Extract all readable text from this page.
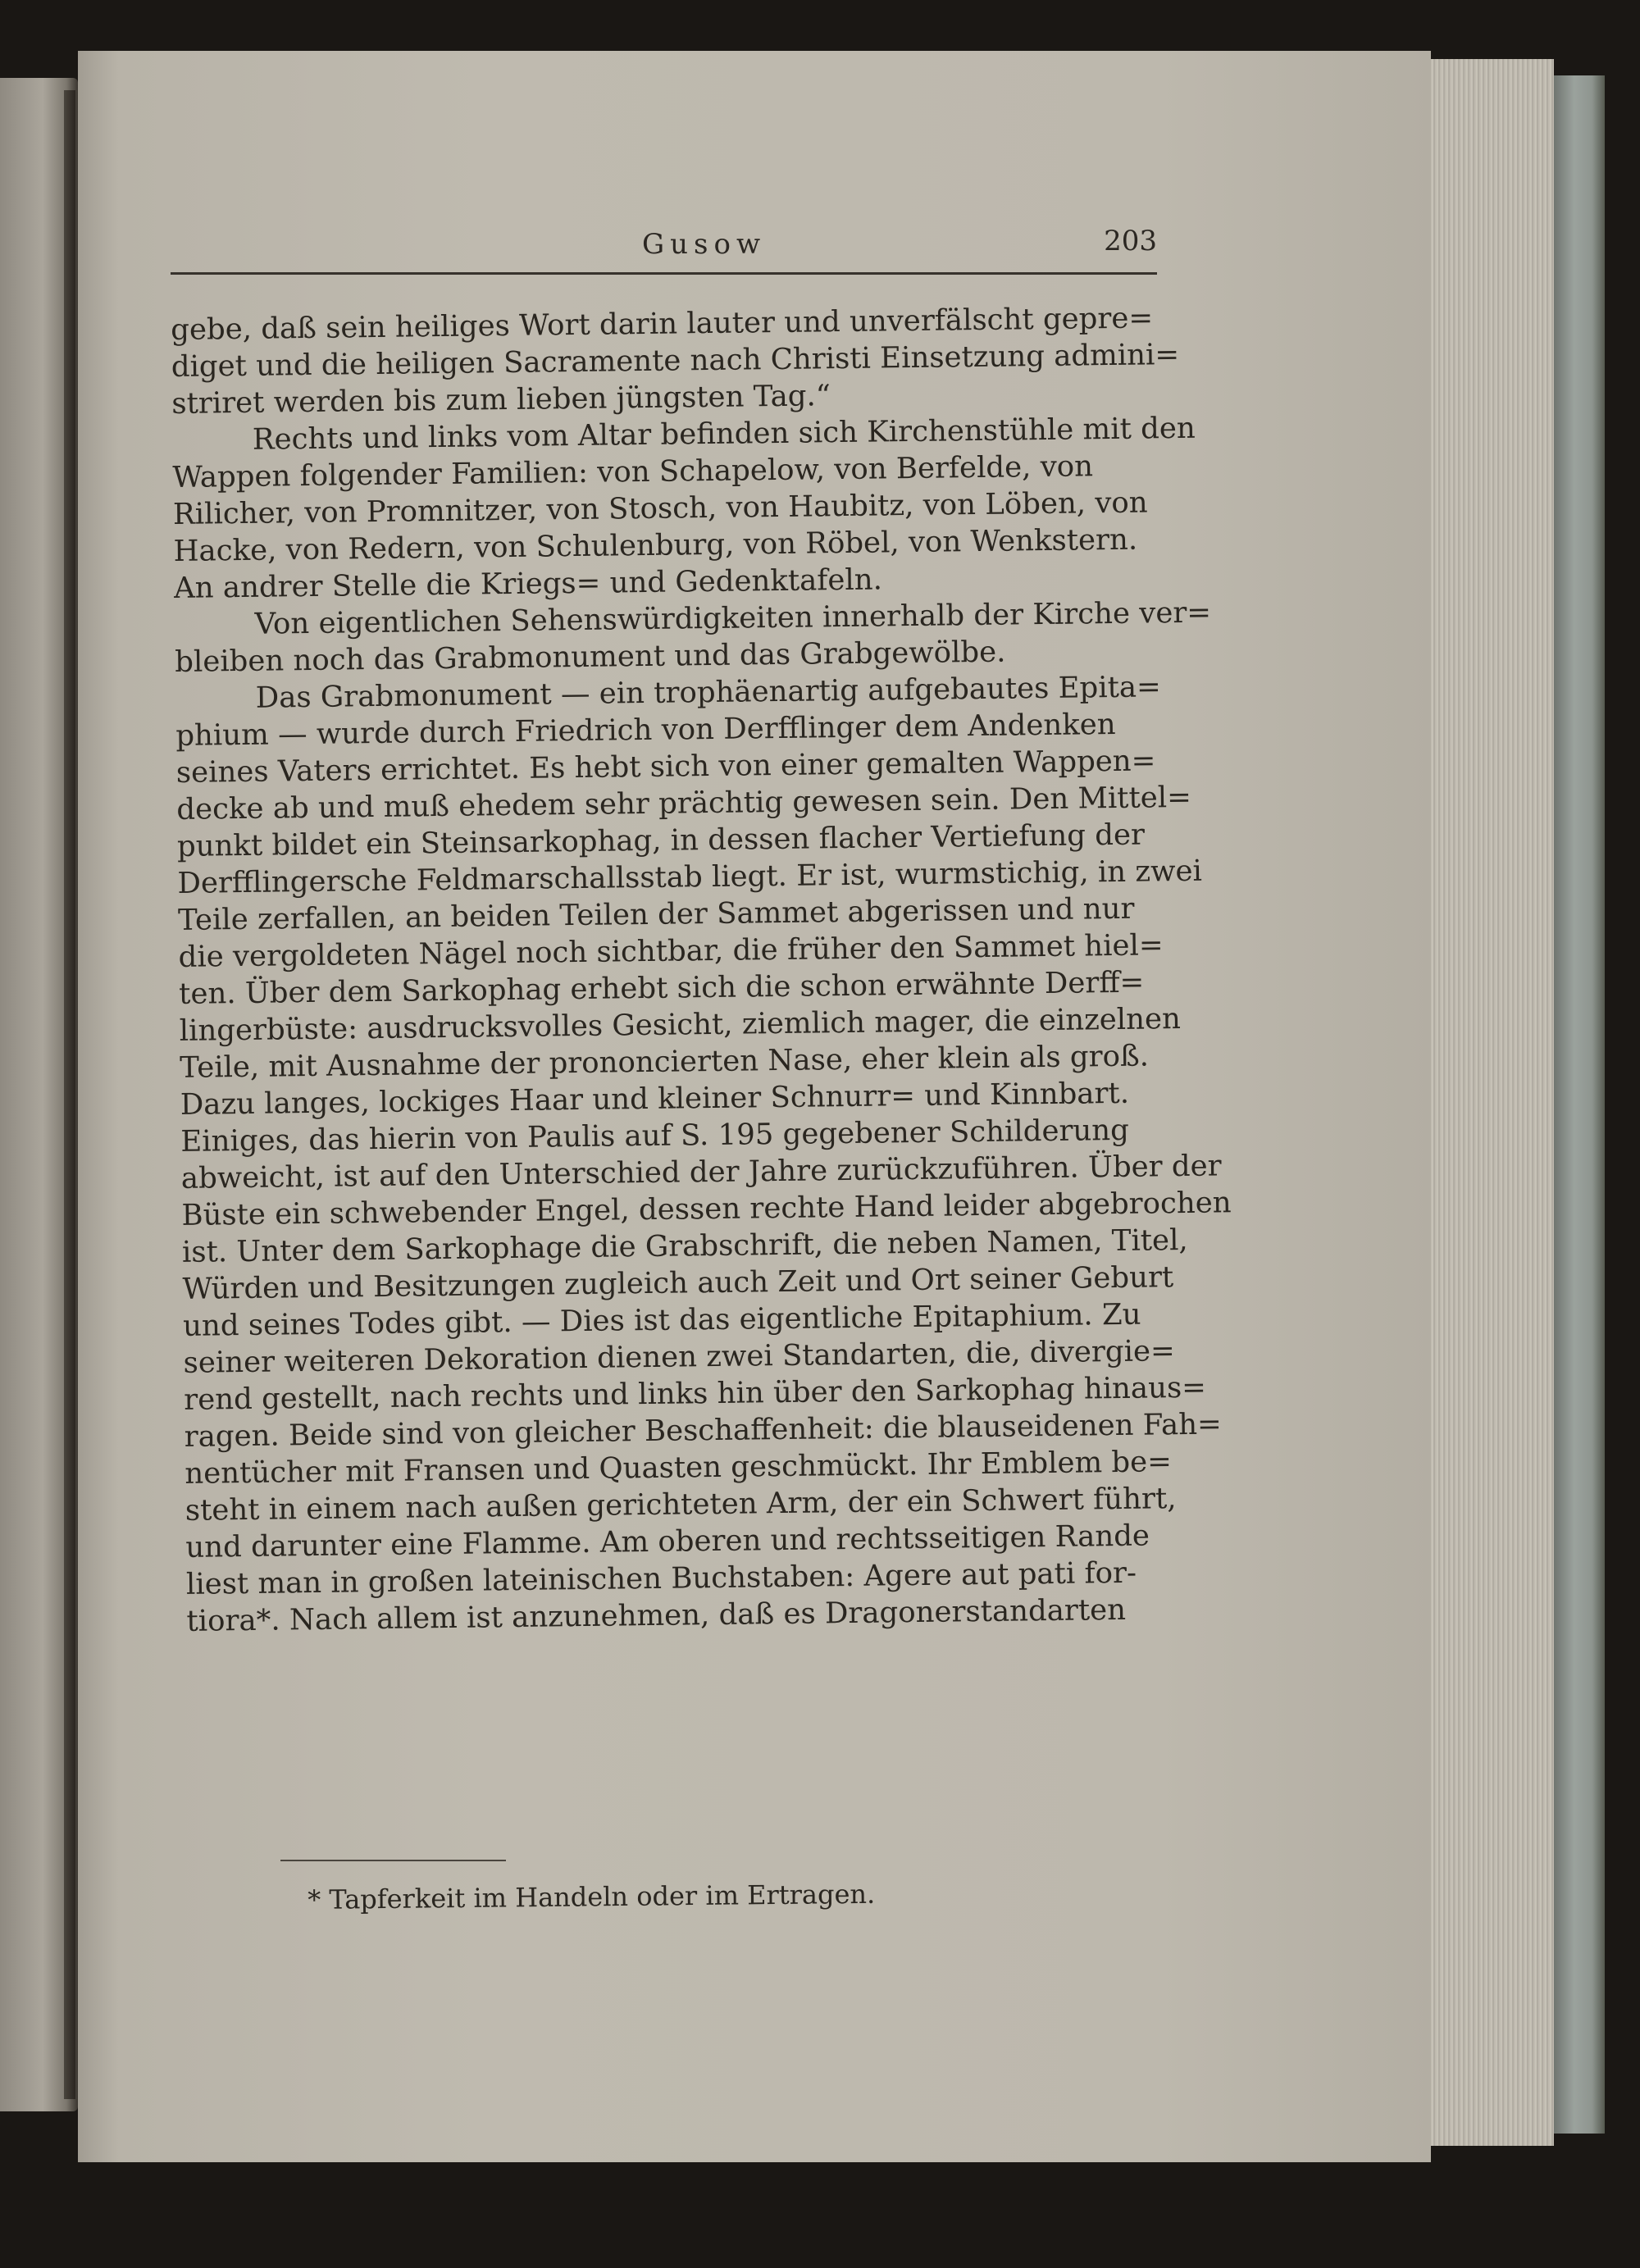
Gusow	203
gebe, daß sein heiliges Wort darin lauter und unverfälscht gepre=
diget und die heiligen Sacramente nach Christi Einsetzung admini=
striret werden bis zum lieben jüngsten Tag.“
Rechts und links vom Altar befinden sich Kirchenstühle mit den
Wappen folgender Familien: von Schapelow, von Berfelde, von
Rilicher, von Promnitzer, von Stosch, von Haubitz, von Löben, von
Hacke, von Redern, von Schulenburg, von Röbel, von Wenkstern.
An andrer Stelle die Kriegs= und Gedenktafeln.
Von eigentlichen Sehenswürdigkeiten innerhalb der Kirche ver=
bleiben noch das Grabmonument und das Grabgewölbe.
Das Grabmonument — ein trophäenartig aufgebautes Epita=
phium — wurde durch Friedrich von Derfflinger dem Andenken
seines Vaters errichtet. Es hebt sich von einer gemalten Wappen=
decke ab und muß ehedem sehr prächtig gewesen sein. Den Mittel=
punkt bildet ein Steinsarkophag, in dessen flacher Vertiefung der
Derfflingersche Feldmarschallsstab liegt. Er ist, wurmstichig, in zwei
Teile zerfallen, an beiden Teilen der Sammet abgerissen und nur
die vergoldeten Nägel noch sichtbar, die früher den Sammet hiel=
ten. Über dem Sarkophag erhebt sich die schon erwähnte Derff=
lingerbüste: ausdrucksvolles Gesicht, ziemlich mager, die einzelnen
Teile, mit Ausnahme der prononcierten Nase, eher klein als groß.
Dazu langes, lockiges Haar und kleiner Schnurr= und Kinnbart.
Einiges, das hierin von Paulis auf S. 195 gegebener Schilderung
abweicht, ist auf den Unterschied der Jahre zurückzuführen. Über der
Büste ein schwebender Engel, dessen rechte Hand leider abgebrochen
ist. Unter dem Sarkophage die Grabschrift, die neben Namen, Titel,
Würden und Besitzungen zugleich auch Zeit und Ort seiner Geburt
und seines Todes gibt. — Dies ist das eigentliche Epitaphium. Zu
seiner weiteren Dekoration dienen zwei Standarten, die, divergie=
rend gestellt, nach rechts und links hin über den Sarkophag hinaus=
ragen. Beide sind von gleicher Beschaffenheit: die blauseidenen Fah=
nentücher mit Fransen und Quasten geschmückt. Ihr Emblem be=
steht in einem nach außen gerichteten Arm, der ein Schwert führt,
und darunter eine Flamme. Am oberen und rechtsseitigen Rande
liest man in großen lateinischen Buchstaben: Agere aut pati for-
tiora*. Nach allem ist anzunehmen, daß es Dragonerstandarten
* Tapferkeit im Handeln oder im Ertragen.
